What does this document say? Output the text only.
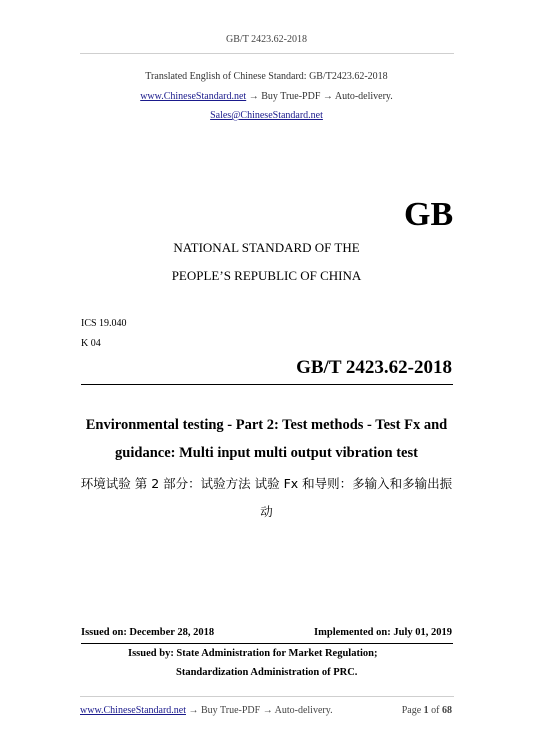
GB/T 2423.62-2018
Translated English of Chinese Standard: GB/T2423.62-2018
www.ChineseStandard.net → Buy True-PDF → Auto-delivery.
Sales@ChineseStandard.net
GB
NATIONAL STANDARD OF THE
PEOPLE’S REPUBLIC OF CHINA
ICS 19.040
K 04
GB/T 2423.62-2018
Environmental testing - Part 2: Test methods - Test Fx and
guidance: Multi input multi output vibration test
环境试验 第 2 部分：试验方法 试验 Fx 和导则：多输入和多输出振
动
Issued on: December 28, 2018	Implemented on: July 01, 2019
Issued by: State Administration for Market Regulation;
Standardization Administration of PRC.
www.ChineseStandard.net → Buy True-PDF → Auto-delivery.	Page 1 of 68
